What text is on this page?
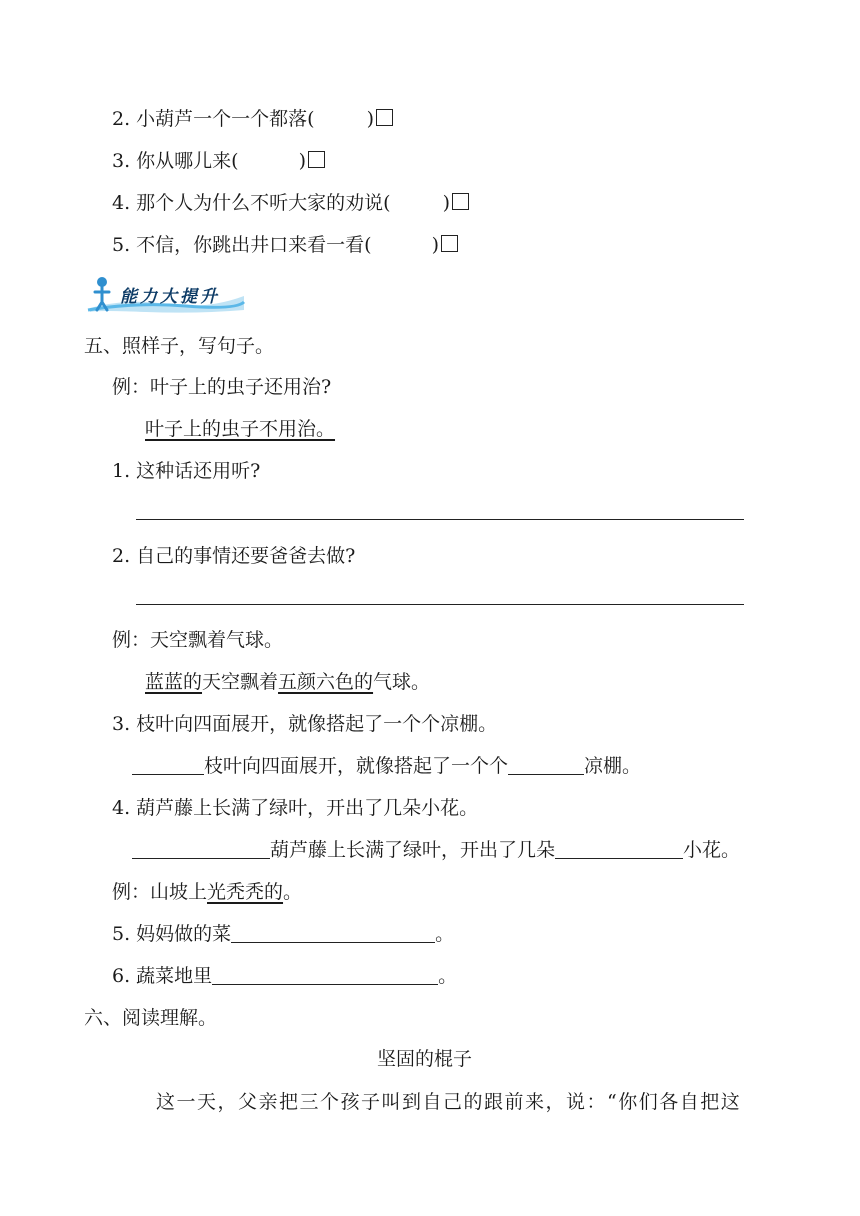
2. 小葫芦一个一个都落(	)
3. 你从哪儿来(	)
4. 那个人为什么不听大家的劝说(	)
5. 不信，你跳出井口来看一看(	)
能力大提升
五、照样子，写句子。
例：叶子上的虫子还用治?
叶子上的虫子不用治。
1. 这种话还用听?
2. 自己的事情还要爸爸去做?
例：天空飘着气球。
蓝蓝的天空飘着五颜六色的气球。
3. 枝叶向四面展开，就像搭起了一个个凉棚。
枝叶向四面展开，就像搭起了一个个	凉棚。
4. 葫芦藤上长满了绿叶，开出了几朵小花。
葫芦藤上长满了绿叶，开出了几朵	小花。
例：山坡上光秃秃的。
5. 妈妈做的菜	。
6. 蔬菜地里	。
六、阅读理解。
坚固的棍子
这一天，父亲把三个孩子叫到自己的跟前来，说：“你们各自把这
